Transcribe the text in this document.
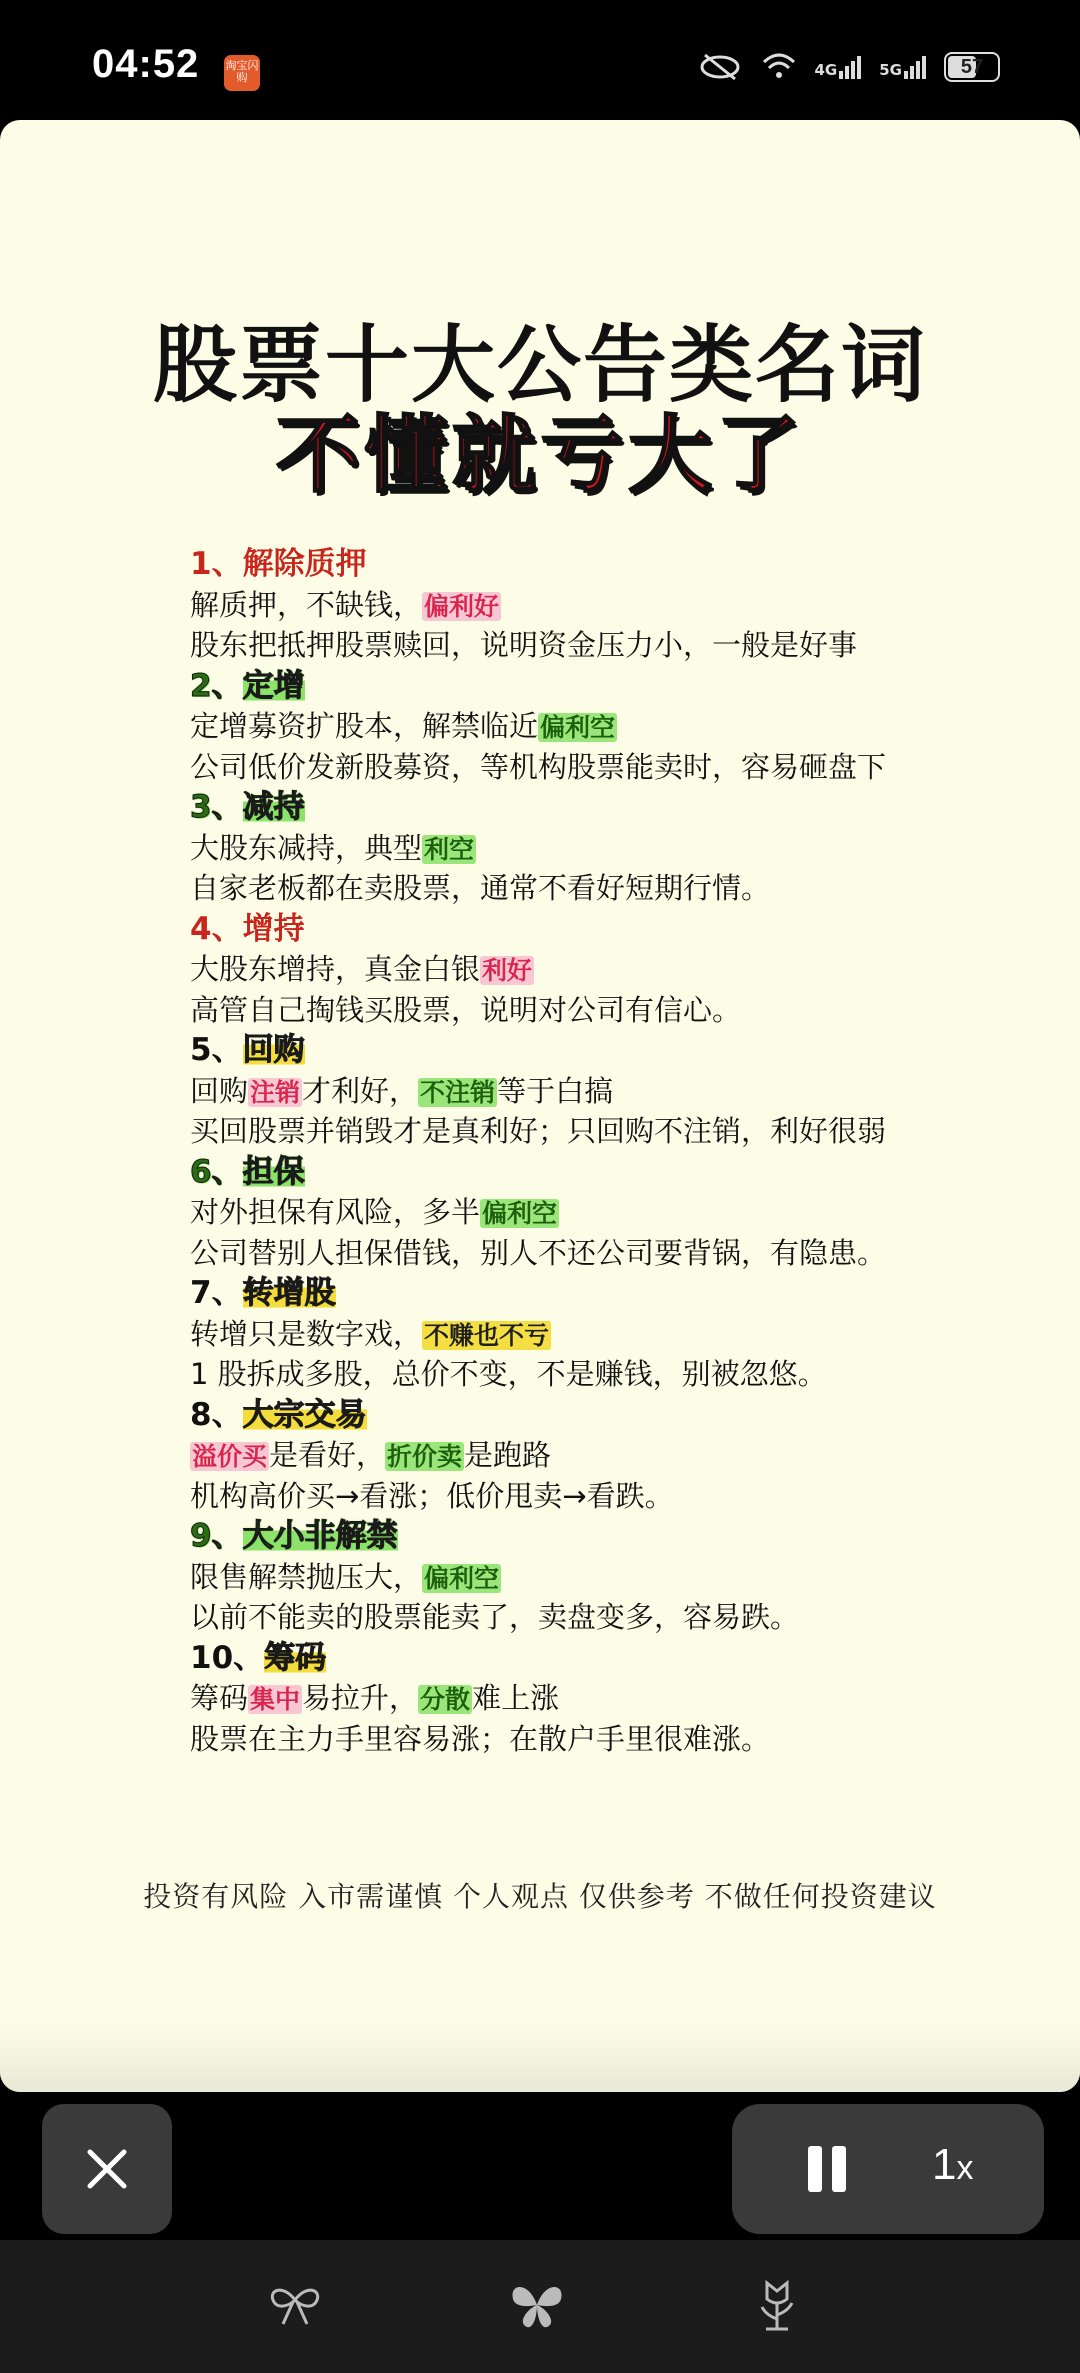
04:52 淘宝闪购	4G	5G	57
股票十大公告类名词
不懂就亏大了
1、解除质押
解质押，不缺钱，偏利好
股东把抵押股票赎回，说明资金压力小，一般是好事
2、定增
定增募资扩股本，解禁临近偏利空
公司低价发新股募资，等机构股票能卖时，容易砸盘下
3、减持
大股东减持，典型利空
自家老板都在卖股票，通常不看好短期行情。
4、增持
大股东增持，真金白银利好
高管自己掏钱买股票，说明对公司有信心。
5、回购
回购注销才利好，不注销等于白搞
买回股票并销毁才是真利好；只回购不注销，利好很弱
6、担保
对外担保有风险，多半偏利空
公司替别人担保借钱，别人不还公司要背锅，有隐患。
7、转增股
转增只是数字戏，不赚也不亏
1 股拆成多股，总价不变，不是赚钱，别被忽悠。
8、大宗交易
溢价买是看好，折价卖是跑路
机构高价买→看涨；低价甩卖→看跌。
9、大小非解禁
限售解禁抛压大，偏利空
以前不能卖的股票能卖了，卖盘变多，容易跌。
10、筹码
筹码集中易拉升，分散难上涨
股票在主力手里容易涨；在散户手里很难涨。
投资有风险 入市需谨慎 个人观点 仅供参考 不做任何投资建议
1x
